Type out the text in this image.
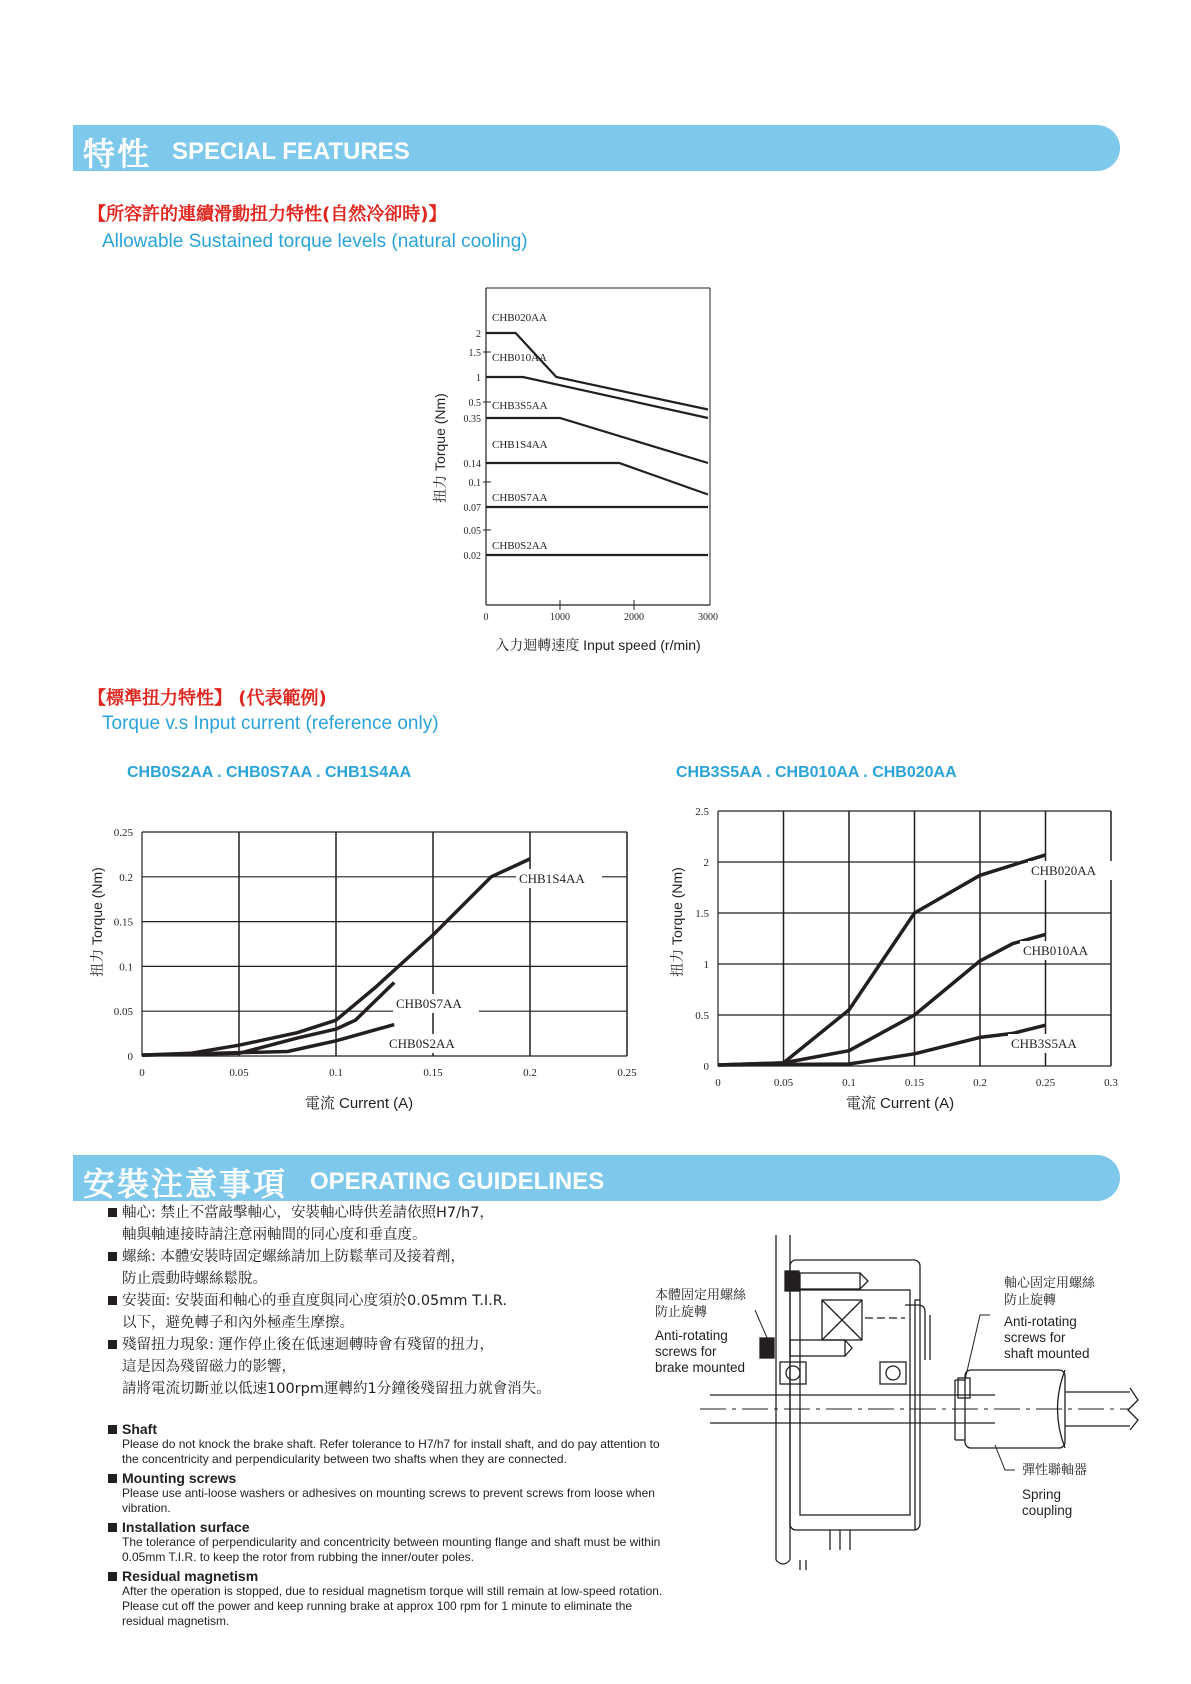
特性 SPECIAL FEATURES
【所容許的連續滑動扭力特性(自然冷卻時)】
Allowable Sustained torque levels (natural cooling)
2
1.5
1
0.5
0.35
0.14
0.1
0.07
0.05
0.02
0	1000	2000	3000
CHB020AA
CHB010AA
CHB3S5AA
CHB1S4AA
CHB0S7AA
CHB0S2AA
扭力 Torque (Nm)
入力迴轉速度 Input speed (r/min)
【標準扭力特性】 (代表範例)
Torque v.s Input current (reference only)
CHB0S2AA . CHB0S7AA . CHB1S4AA	CHB3S5AA . CHB010AA . CHB020AA
0	0.05	0.1	0.15	0.2	0.25
0
0.05
0.1
0.15
0.2
0.25
CHB1S4AA
CHB0S7AA
CHB0S2AA
扭力 Torque (Nm)
電流 Current (A)
0	0.05	0.1	0.15	0.2	0.25	0.3
0
0.5
1
1.5
2
2.5
CHB020AA
CHB010AA
CHB3S5AA
扭力 Torque (Nm)
電流 Current (A)
安裝注意事項 OPERATING GUIDELINES
軸心: 禁止不當敲擊軸心，安裝軸心時供差請依照H7/h7，
軸與軸連接時請注意兩軸間的同心度和垂直度。
螺絲: 本體安裝時固定螺絲請加上防鬆華司及接着劑，
防止震動時螺絲鬆脫。
安裝面: 安裝面和軸心的垂直度與同心度須於0.05mm T.I.R.
以下，避免轉子和內外極產生摩擦。
殘留扭力現象: 運作停止後在低速迴轉時會有殘留的扭力，
這是因為殘留磁力的影響，
請將電流切斷並以低速100rpm運轉約1分鐘後殘留扭力就會消失。
Shaft
Please do not knock the brake shaft. Refer tolerance to H7/h7 for install shaft, and do pay attention to the concentricity and perpendicularity between two shafts when they are connected.
Mounting screws
Please use anti-loose washers or adhesives on mounting screws to prevent screws from loose when vibration.
Installation surface
The tolerance of perpendicularity and concentricity between mounting flange and shaft must be within 0.05mm T.I.R. to keep the rotor from rubbing the inner/outer poles.
Residual magnetism
After the operation is stopped, due to residual magnetism torque will still remain at low-speed rotation. Please cut off the power and keep running brake at approx 100 rpm for 1 minute to eliminate the residual magnetism.
本體固定用螺絲
防止旋轉
Anti-rotating
screws for
brake mounted
軸心固定用螺絲
防止旋轉
Anti-rotating
screws for
shaft mounted
彈性聯軸器
Spring
coupling
